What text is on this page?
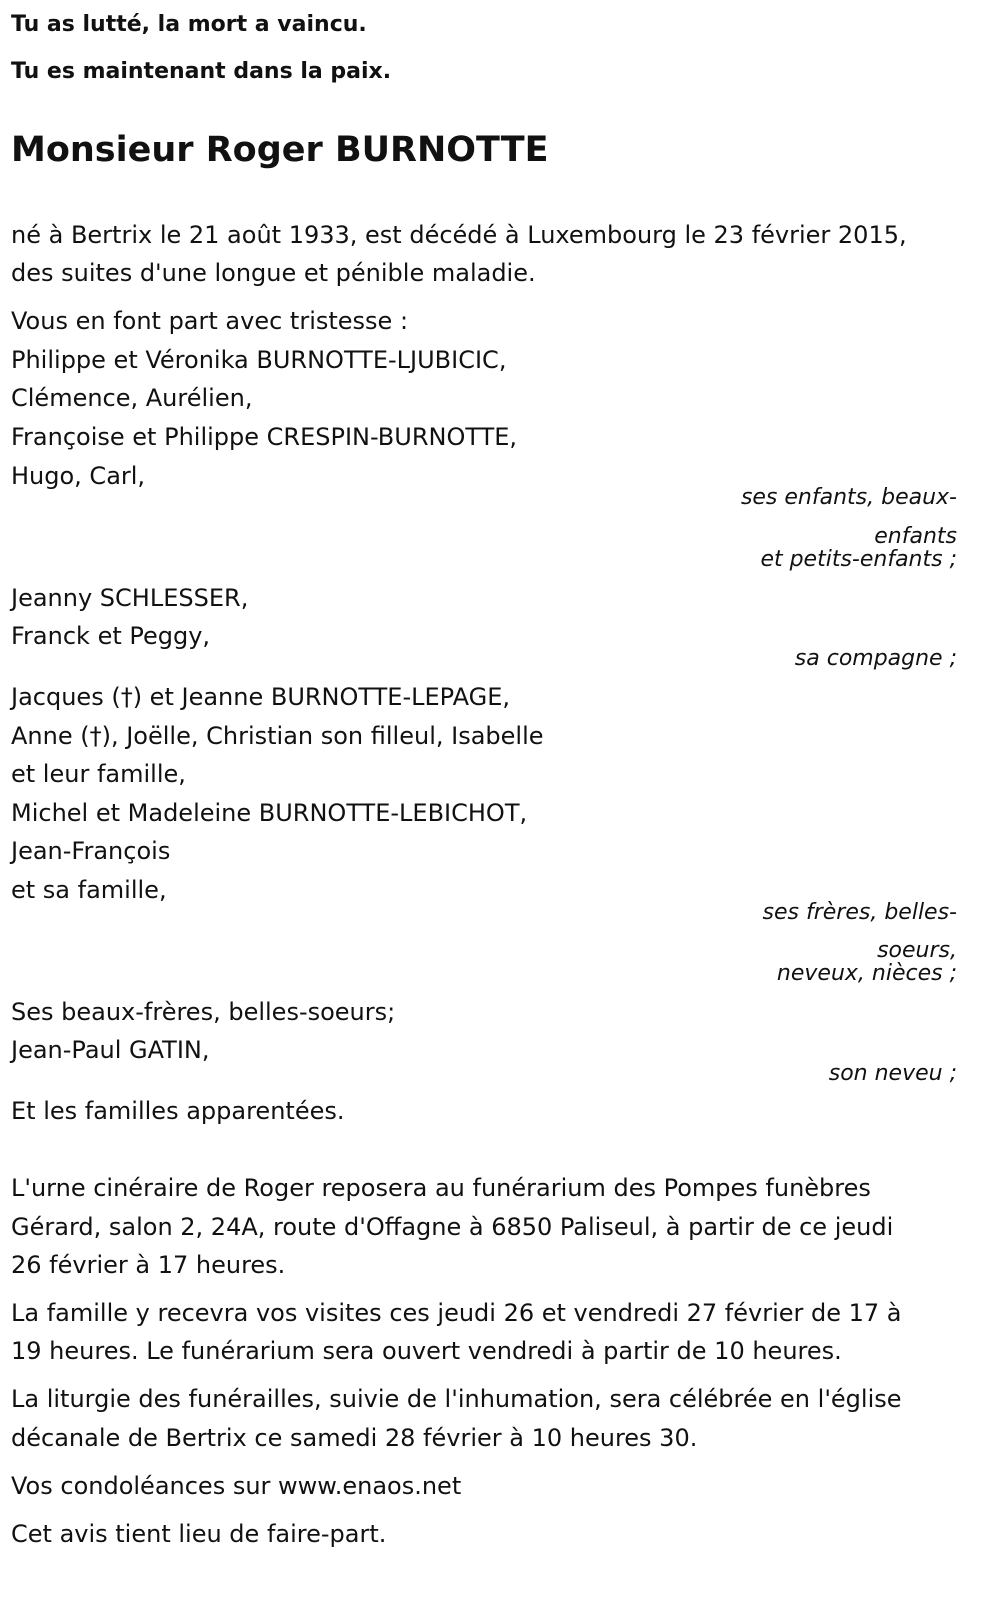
Tu as lutté, la mort a vaincu.
Tu es maintenant dans la paix.
Monsieur Roger BURNOTTE
né à Bertrix le 21 août 1933, est décédé à Luxembourg le 23 février 2015,
des suites d'une longue et pénible maladie.
Vous en font part avec tristesse :
Philippe et Véronika BURNOTTE-LJUBICIC,
Clémence, Aurélien,
Françoise et Philippe CRESPIN-BURNOTTE,
Hugo, Carl,
ses enfants, beaux-
enfants
et petits-enfants ;
Jeanny SCHLESSER,
Franck et Peggy,
sa compagne ;
Jacques (†) et Jeanne BURNOTTE-LEPAGE,
Anne (†), Joëlle, Christian son filleul, Isabelle
et leur famille,
Michel et Madeleine BURNOTTE-LEBICHOT,
Jean-François
et sa famille,
ses frères, belles-
soeurs,
neveux, nièces ;
Ses beaux-frères, belles-soeurs;
Jean-Paul GATIN,
son neveu ;
Et les familles apparentées.
L'urne cinéraire de Roger reposera au funérarium des Pompes funèbres
Gérard, salon 2, 24A, route d'Offagne à 6850 Paliseul, à partir de ce jeudi
26 février à 17 heures.
La famille y recevra vos visites ces jeudi 26 et vendredi 27 février de 17 à
19 heures. Le funérarium sera ouvert vendredi à partir de 10 heures.
La liturgie des funérailles, suivie de l'inhumation, sera célébrée en l'église
décanale de Bertrix ce samedi 28 février à 10 heures 30.
Vos condoléances sur www.enaos.net
Cet avis tient lieu de faire-part.
